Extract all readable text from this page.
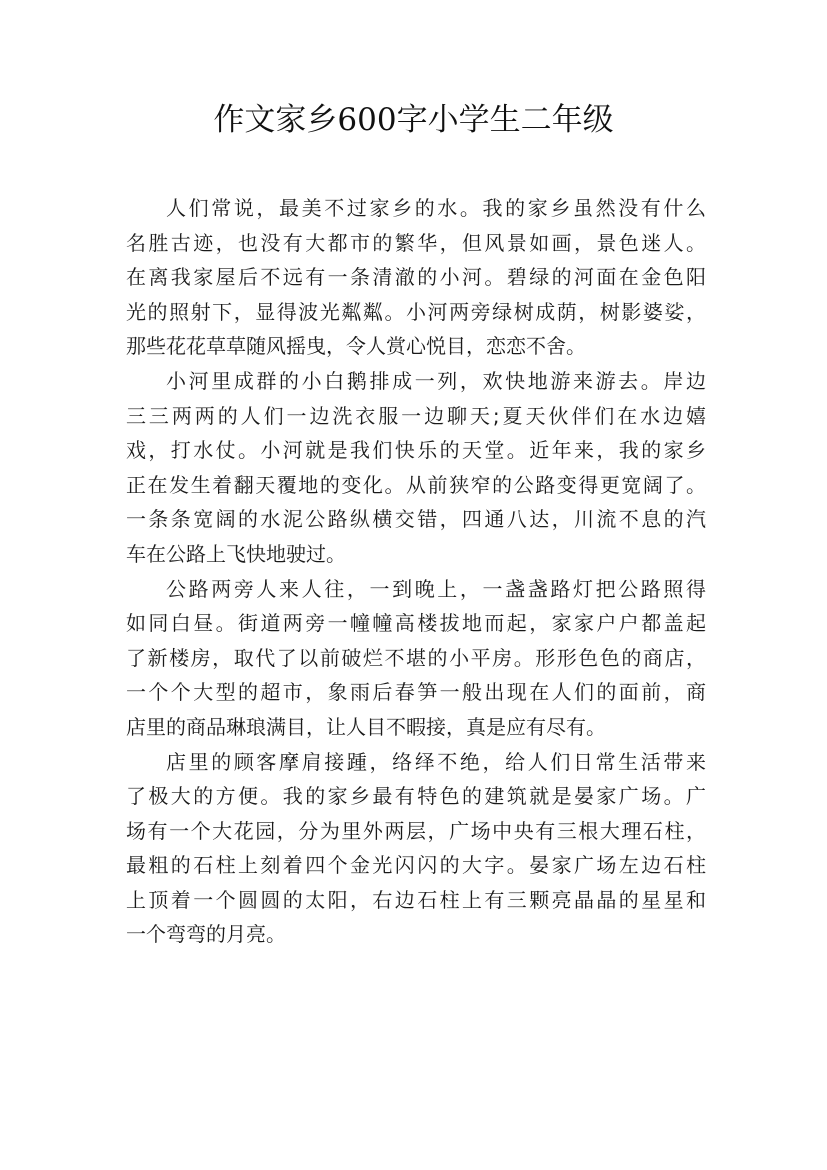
作文家乡600字小学生二年级
人们常说，最美不过家乡的水。我的家乡虽然没有什么
名胜古迹，也没有大都市的繁华，但风景如画，景色迷人。
在离我家屋后不远有一条清澈的小河。碧绿的河面在金色阳
光的照射下，显得波光粼粼。小河两旁绿树成荫，树影婆娑，
那些花花草草随风摇曳，令人赏心悦目，恋恋不舍。
小河里成群的小白鹅排成一列，欢快地游来游去。岸边
三三两两的人们一边洗衣服一边聊天;夏天伙伴们在水边嬉
戏，打水仗。小河就是我们快乐的天堂。近年来，我的家乡
正在发生着翻天覆地的变化。从前狭窄的公路变得更宽阔了。
一条条宽阔的水泥公路纵横交错，四通八达，川流不息的汽
车在公路上飞快地驶过。
公路两旁人来人往，一到晚上，一盏盏路灯把公路照得
如同白昼。街道两旁一幢幢高楼拔地而起，家家户户都盖起
了新楼房，取代了以前破烂不堪的小平房。形形色色的商店，
一个个大型的超市，象雨后春笋一般出现在人们的面前，商
店里的商品琳琅满目，让人目不暇接，真是应有尽有。
店里的顾客摩肩接踵，络绎不绝，给人们日常生活带来
了极大的方便。我的家乡最有特色的建筑就是晏家广场。广
场有一个大花园，分为里外两层，广场中央有三根大理石柱，
最粗的石柱上刻着四个金光闪闪的大字。晏家广场左边石柱
上顶着一个圆圆的太阳，右边石柱上有三颗亮晶晶的星星和
一个弯弯的月亮。
